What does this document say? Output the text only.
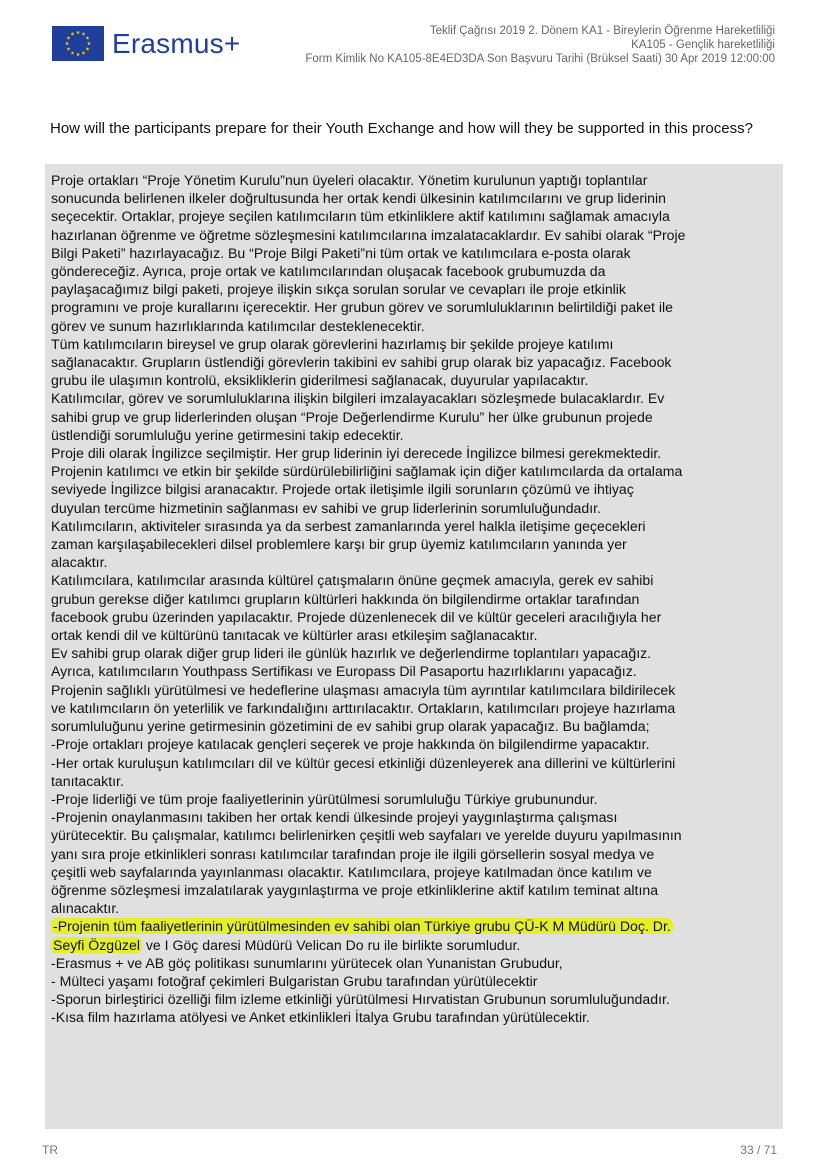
Erasmus+	Teklif Çağrısı 2019 2. Dönem KA1 - Bireylerin Öğrenme Hareketliliği
KA105 - Gençlik hareketliliği
Form Kimlik No KA105-8E4ED3DA Son Başvuru Tarihi (Brüksel Saati) 30 Apr 2019 12:00:00
How will the participants prepare for their Youth Exchange and how will they be supported in this process?
Proje ortakları “Proje Yönetim Kurulu”nun üyeleri olacaktır. Yönetim kurulunun yaptığı toplantılar
sonucunda belirlenen ilkeler doğrultusunda her ortak kendi ülkesinin katılımcılarını ve grup liderinin
seçecektir. Ortaklar, projeye seçilen katılımcıların tüm etkinliklere aktif katılımını sağlamak amacıyla
hazırlanan öğrenme ve öğretme sözleşmesini katılımcılarına imzalatacaklardır. Ev sahibi olarak “Proje
Bilgi Paketi” hazırlayacağız. Bu “Proje Bilgi Paketi”ni tüm ortak ve katılımcılara e-posta olarak
göndereceğiz. Ayrıca, proje ortak ve katılımcılarından oluşacak facebook grubumuzda da
paylaşacağımız bilgi paketi, projeye ilişkin sıkça sorulan sorular ve cevapları ile proje etkinlik
programını ve proje kurallarını içerecektir. Her grubun görev ve sorumluluklarının belirtildiği paket ile
görev ve sunum hazırlıklarında katılımcılar desteklenecektir.
Tüm katılımcıların bireysel ve grup olarak görevlerini hazırlamış bir şekilde projeye katılımı
sağlanacaktır. Grupların üstlendiği görevlerin takibini ev sahibi grup olarak biz yapacağız. Facebook
grubu ile ulaşımın kontrolü, eksikliklerin giderilmesi sağlanacak, duyurular yapılacaktır.
Katılımcılar, görev ve sorumluluklarına ilişkin bilgileri imzalayacakları sözleşmede bulacaklardır. Ev
sahibi grup ve grup liderlerinden oluşan “Proje Değerlendirme Kurulu” her ülke grubunun projede
üstlendiği sorumluluğu yerine getirmesini takip edecektir.
Proje dili olarak İngilizce seçilmiştir. Her grup liderinin iyi derecede İngilizce bilmesi gerekmektedir.
Projenin katılımcı ve etkin bir şekilde sürdürülebilirliğini sağlamak için diğer katılımcılarda da ortalama
seviyede İngilizce bilgisi aranacaktır. Projede ortak iletişimle ilgili sorunların çözümü ve ihtiyaç
duyulan tercüme hizmetinin sağlanması ev sahibi ve grup liderlerinin sorumluluğundadır.
Katılımcıların, aktiviteler sırasında ya da serbest zamanlarında yerel halkla iletişime geçecekleri
zaman karşılaşabilecekleri dilsel problemlere karşı bir grup üyemiz katılımcıların yanında yer
alacaktır.
Katılımcılara, katılımcılar arasında kültürel çatışmaların önüne geçmek amacıyla, gerek ev sahibi
grubun gerekse diğer katılımcı grupların kültürleri hakkında ön bilgilendirme ortaklar tarafından
facebook grubu üzerinden yapılacaktır. Projede düzenlenecek dil ve kültür geceleri aracılığıyla her
ortak kendi dil ve kültürünü tanıtacak ve kültürler arası etkileşim sağlanacaktır.
Ev sahibi grup olarak diğer grup lideri ile günlük hazırlık ve değerlendirme toplantıları yapacağız.
Ayrıca, katılımcıların Youthpass Sertifikası ve Europass Dil Pasaportu hazırlıklarını yapacağız.
Projenin sağlıklı yürütülmesi ve hedeflerine ulaşması amacıyla tüm ayrıntılar katılımcılara bildirilecek
ve katılımcıların ön yeterlilik ve farkındalığını arttırılacaktır. Ortakların, katılımcıları projeye hazırlama
sorumluluğunu yerine getirmesinin gözetimini de ev sahibi grup olarak yapacağız. Bu bağlamda;
-Proje ortakları projeye katılacak gençleri seçerek ve proje hakkında ön bilgilendirme yapacaktır.
-Her ortak kuruluşun katılımcıları dil ve kültür gecesi etkinliği düzenleyerek ana dillerini ve kültürlerini
tanıtacaktır.
-Proje liderliği ve tüm proje faaliyetlerinin yürütülmesi sorumluluğu Türkiye grubunundur.
-Projenin onaylanmasını takiben her ortak kendi ülkesinde projeyi yaygınlaştırma çalışması
yürütecektir. Bu çalışmalar, katılımcı belirlenirken çeşitli web sayfaları ve yerelde duyuru yapılmasının
yanı sıra proje etkinlikleri sonrası katılımcılar tarafından proje ile ilgili görsellerin sosyal medya ve
çeşitli web sayfalarında yayınlanması olacaktır. Katılımcılara, projeye katılmadan önce katılım ve
öğrenme sözleşmesi imzalatılarak yaygınlaştırma ve proje etkinliklerine aktif katılım teminat altına
alınacaktır.
-Projenin tüm faaliyetlerinin yürütülmesinden ev sahibi olan Türkiye grubu ÇÜ-K M Müdürü Doç. Dr.
Seyfi Özgüzel ve I Göç daresi Müdürü Velican Do ru ile birlikte sorumludur.
-Erasmus + ve AB göç politikası sunumlarını yürütecek olan Yunanistan Grubudur,
- Mülteci yaşamı fotoğraf çekimleri Bulgaristan Grubu tarafından yürütülecektir
-Sporun birleştirici özelliği film izleme etkinliği yürütülmesi Hırvatistan Grubunun sorumluluğundadır.
-Kısa film hazırlama atölyesi ve Anket etkinlikleri İtalya Grubu tarafından yürütülecektir.
TR	33 / 71
